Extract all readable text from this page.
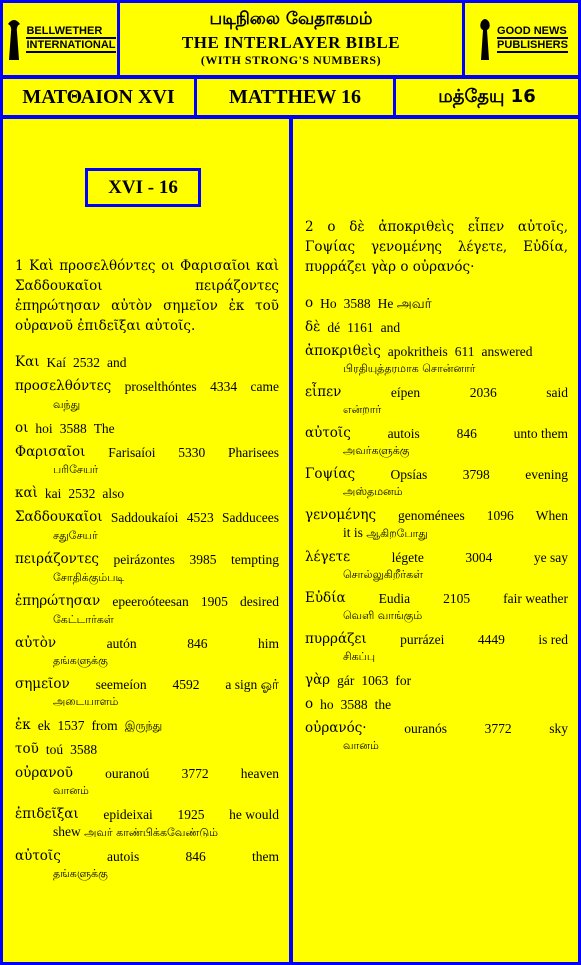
BELLWETHER
INTERNATIONAL
படிநிலை வேதாகமம்
THE INTERLAYER BIBLE
(WITH STRONG'S NUMBERS)
GOOD NEWS
PUBLISHERS
ΜΑΤΘΑΙΟΝ XVI	MATTHEW 16	மத்தேயு 16
XVI - 16
1 Καὶ προσελθόντες οι Φαρισαῖοι καὶ Σαδδουκαῖοι πειράζοντες ἐπηρώτησαν αὐτὸν σημεῖον ἐκ τοῦ οὐρανοῦ ἐπιδεῖξαι αὐτοῖς.
Και Kaí 2532 and
προσελθόντες proselthóntes 4334 came
வந்து
οι hoi 3588 The
Φαρισαῖοι Farisaíoi 5330 Pharisees
பரிசேயர்
καὶ kai 2532 also
Σαδδουκαῖοι Saddoukaíoi 4523 Sadducees
சதுசேயர்
πειράζοντες peirázontes 3985 tempting
சோதிக்கும்படி
ἐπηρώτησαν epeeroóteesan 1905 desired
கேட்டார்கள்
αὐτὸν	autón	846	him
தங்களுக்கு
σημεῖον seemeíon 4592 a sign ஓர்
அடையாளம்
ἐκ ek 1537 from இருந்து
τοῦ toú 3588
οὐρανοῦ ouranoú 3772 heaven
வானம்
ἐπιδεῖξαι epideixai 1925 he would
shew அவர் காண்பிக்கவேண்டும்
αὐτοῖς	autois	846	them
தங்களுக்கு
2 ο δὲ ἀποκριθεὶς εἶπεν αὐτοῖς, Γοψίας γενομένης λέγετε, Εὐδία, πυρράζει γὰρ ο οὐρανός·
ο Ho 3588 He அவர்
δὲ dé 1161 and
ἀποκριθεὶς apokritheis 611 answered
பிரதியுத்தரமாக சொன்னார்
εἶπεν	eípen	2036	said
என்றார்
αὐτοῖς	autois	846	unto them
அவர்களுக்கு
Γοψίας	Opsías	3798	evening
அஸ்தமனம்
γενομένης genoménees 1096 When
it is ஆகிறபோது
λέγετε	légete	3004	ye say
சொல்லுகிறீர்கள்
Εὐδία Eudia 2105 fair weather
வெளி வாங்கும்
πυρράζει purrázei 4449 is red
சிகப்பு
γὰρ gár 1063 for
ο ho 3588 the
οὐρανός·	ouranós	3772	sky
வானம்
